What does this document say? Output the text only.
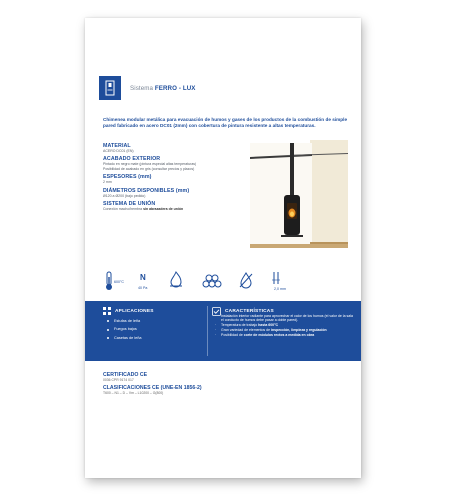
Sistema FERRO - LUX
Chimenea modular metálica para evacuación de humos y gases de los productos de la combustión de simple pared fabricado en acero DC01 (2mm) con cobertura de pintura resistente a altas temperaturas.
MATERIAL
ACERO DC01 (EN)
ACABADO EXTERIOR
Pintado en negro mate (pintura especial altas temperaturas)
Posibilidad de acabado en gris (consultar precios y plazos)
ESPESORES (mm)
2 mm
DIÁMETROS DISPONIBLES (mm)
Ø120 a Ø200 (bajo pedido)
SISTEMA DE UNIÓN
Conexión macho/hembra sin abrazadera de unión
600°C N
40 Pa	2,0 mm
APLICACIONES
Estufas de leña
Fuegos bajos
Casetas de leña
CARACTERÍSTICAS
· Instalación interior radiante para aprovechar el calor de los humos (el valor de la sala el conducto de humos debe pasar a doble pared).
· Temperatura de trabajo hasta 600°C
· Gran variedad de elementos de inspección, limpieza y regulación
· Posibilidad de corte de módulos rectos a medida en obra
CERTIFICADO CE
0036 CPR 9174 017
CLASIFICACIONES CE (UNE-EN 1856-2)
T600 – N1 – D – Vm – L10200 – G(800)
